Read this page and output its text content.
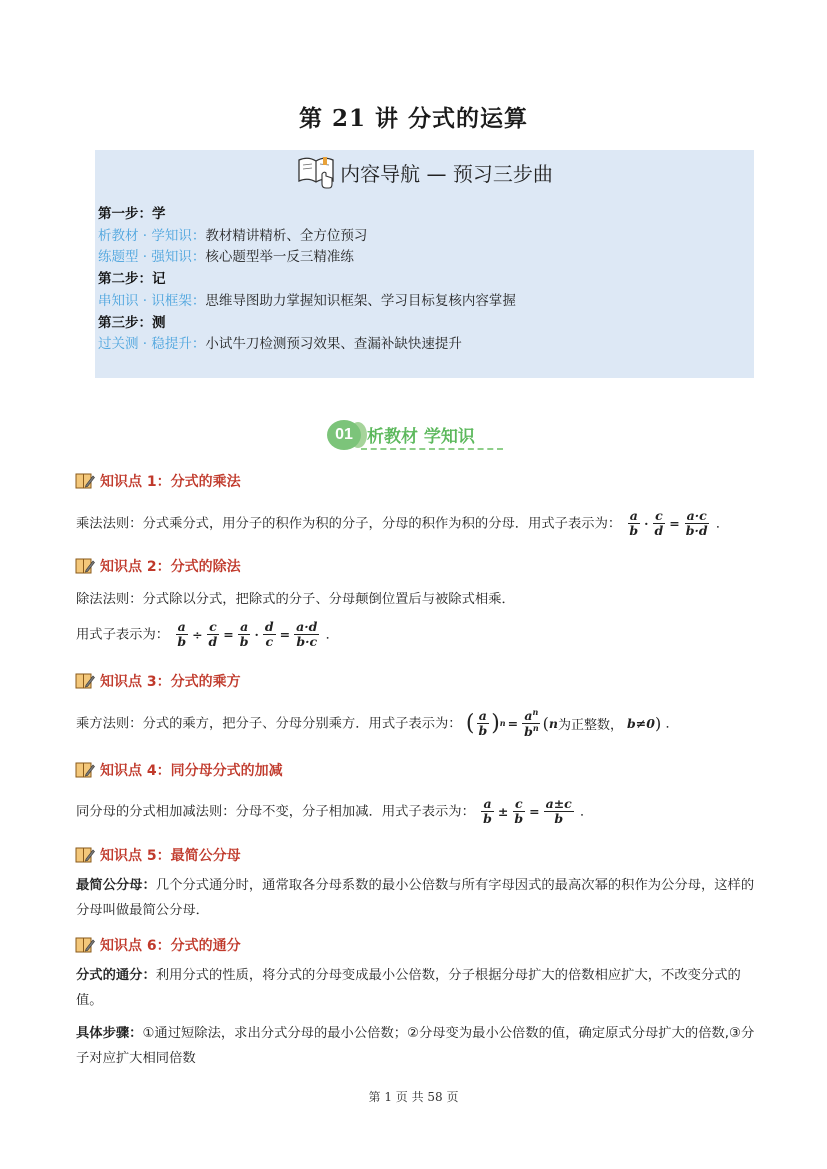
第 21 讲 分式的运算
内容导航 — 预习三步曲
第一步：学
析教材 · 学知识：教材精讲精析、全方位预习
练题型 · 强知识：核心题型举一反三精准练
第二步：记
串知识 · 识框架：思维导图助力掌握知识框架、学习目标复核内容掌握
第三步：测
过关测 · 稳提升：小试牛刀检测预习效果、查漏补缺快速提升
01 析教材 学知识
知识点 1：分式的乘法
乘法法则：分式乘分式，用分子的积作为积的分子，分母的积作为积的分母．用式子表示为： $\frac{a}{b} \cdot \frac{c}{d} = \frac{a\cdot c}{b\cdot d}$ ．
知识点 2：分式的除法
除法法则：分式除以分式，把除式的分子、分母颠倒位置后与被除式相乘．
用式子表示为： $\frac{a}{b} \div \frac{c}{d} = \frac{a}{b} \cdot \frac{d}{c} = \frac{a\cdot d}{b\cdot c}$ ．
知识点 3：分式的乘方
乘方法则：分式的乘方，把分子、分母分别乘方．用式子表示为： ( $\frac{a}{b}$ ) $n = \frac{a^n}{b^n}$ ( n 为正整数， b≠0 ) ．
知识点 4：同分母分式的加减
同分母的分式相加减法则：分母不变，分子相加减．用式子表示为： $\frac{a}{b} \pm \frac{c}{b} = \frac{a\pm c}{b}$ ．
知识点 5：最简公分母
最简公分母：几个分式通分时，通常取各分母系数的最小公倍数与所有字母因式的最高次幂的积作为公分母，这样的分母叫做最简公分母．
知识点 6：分式的通分
分式的通分：利用分式的性质，将分式的分母变成最小公倍数，分子根据分母扩大的倍数相应扩大，不改变分式的值。
具体步骤：①通过短除法，求出分式分母的最小公倍数；②分母变为最小公倍数的值，确定原式分母扩大的倍数,③分子对应扩大相同倍数
第 1 页 共 58 页
